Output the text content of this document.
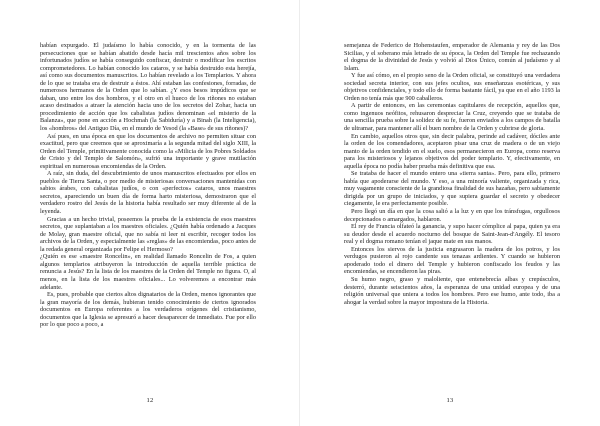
habían expurgado. El judaísmo lo había conocido, y en la tormenta de las persecuciones que se habían abatido desde hacía mil trescientos años sobre los infortunados judíos se había conseguido confiscar, destruir o modificar los escritos comprometedores. Lo habían conocido los cataros, y se había destruido esta herejía, así como sus documentos manuscritos. Lo habían revelado a los Templarios. Y ahora de lo que se trataba era de destruir a éstos. Ahí estaban las confesiones, forradas, de numerosos hermanos de la Orden que lo sabían. ¿Y esos besos impúdicos que se daban, uno entre los dos hombros, y el otro en el hueco de los riñones no estaban acaso destinados a atraer la atención hacia uno de los secretos del Zohar, hacia un procedimiento de acción que los cabalistas judíos denominan «el misterio de la Balanza», que pone en acción a Hochmah (la Sabiduría) y a Binah (la Inteligencia), los «hombros» del Antiguo Día, en el mundo de Yesod (la «Base» de sus riñones)?

Así pues, en una época en que los documentos de archivo no permiten situar con exactitud, pero que creemos que se aproximaría a la segunda mitad del siglo XIII, la Orden del Temple, primitivamente conocida como la «Milicia de los Pobres Soldados de Cristo y del Templo de Salomón», sufrió una importante y grave mutilación espiritual en numerosas encomiendas de la Orden.

A raíz, sin duda, del descubrimiento de unos manuscritos efectuados por ellos en pueblos de Tierra Santa, o por medio de misteriosas conversaciones mantenidas con sabios árabes, con cabalistas judíos, o con «perfectos» cataros, unos maestres secretos, apareciendo un buen día de forma harto misteriosa, demostraron que el verdadero rostro del Jesús de la historia había resultado ser muy diferente al de la leyenda.

Gracias a un hecho trivial, poseemos la prueba de la existencia de esos maestres secretos, que suplantaban a los maestres oficiales. ¿Quién había ordenado a Jacques de Molay, gran maestre oficial, que no sabía ni leer ni escribir, recoger todos los archivos de la Orden, y especialmente las «reglas» de las encomiendas, poco antes de la redada general organizada por Felipe el Hermoso?

¿Quién es ese «maestre Roncelin», en realidad llamado Roncelin de Fos, a quien algunos templarios atribuyeron la introducción de aquella terrible práctica de renuncia a Jesús? En la lista de los maestres de la Orden del Temple no figura. O, al menos, en la lista de los maestres oficiales... Lo volveremos a encontrar más adelante.

Es, pues, probable que ciertos altos dignatarios de la Orden, menos ignorantes que la gran mayoría de los demás, hubieran tenido conocimiento de ciertos ignorados documentos en Europa referentes a los verdaderos orígenes del cristianismo, documentos que la Iglesia se apresuró a hacer desaparecer de inmediato. Fue por ello por lo que poco a poco, a

12

semejanza de Federico de Hohenstaufen, emperador de Alemania y rey de las Dos Sicilias, y el soberano más letrado de su época, la Orden del Temple fue rechazando el dogma de la divinidad de Jesús y volvió al Dios Único, común al judaísmo y al Islam.

Y fue así cómo, en el propio seno de la Orden oficial, se constituyó una verdadera sociedad secreta interior, con sus jefes ocultos, sus enseñanzas esotéricas, y sus objetivos confidenciales, y todo ello de forma bastante fácil, ya que en el año 1193 la Orden no tenía más que 900 caballeros.

A partir de entonces, en las ceremonias capitulares de recepción, aquellos que, como ingenuos neófitos, rehusaron despreciar la Cruz, creyendo que se trataba de una sencilla prueba sobre la solidez de su fe, fueron enviados a los campos de batalla de ultramar, para mantener allí el buen nombre de la Orden y cubrirse de gloria.

En cambio, aquellos otros que, sin decir palabra, perinde ad cadáver, dóciles ante la orden de los comendadores, aceptaron pisar una cruz de madera o de un viejo manto de la orden tendido en el suelo, esos permanecieron en Europa, como reserva para los misteriosos y lejanos objetivos del poder templario. Y, efectivamente, en aquella época no podía haber prueba más definitiva que esa.

Se trataba de hacer el mundo entero una «tierra santa». Pero, para ello, primero había que apoderarse del mundo. Y eso, a una minoría valiente, organizada y rica, muy vagamente consciente de la grandiosa finalidad de sus hazañas, pero sabiamente dirigida por un grupo de iniciados, y que supiera guardar el secreto y obedecer ciegamente, le era perfectamente posible.

Pero llegó un día en que la cosa salió a la luz y en que los tránsfugas, orgullosos decepcionados o amargados, hablaron.

El rey de Francia olfateó la ganancia, y supo hacer cómplice al papa, quien ya era su deudor desde el acuerdo nocturno del bosque de Saint-Jean-d'Angély. El tesoro real y el dogma romano tenían el jaque mate en sus manos.

Entonces los siervos de la justicia engrasaron la madera de los potros, y los verdugos pusieron al rojo candente sus tenazas ardientes. Y cuando se hubieron apoderado todo el dinero del Temple y hubieron confiscado los feudos y las encomiendas, se encendieron las piras.

Su humo negro, graso y maloliente, que entenebrecía albas y crepúsculos, desterró, durante seiscientos años, la esperanza de una unidad europea y de una religión universal que uniera a todos los hombres. Pero ese humo, ante todo, iba a ahogar la verdad sobre la mayor impostura de la Historia.

13
